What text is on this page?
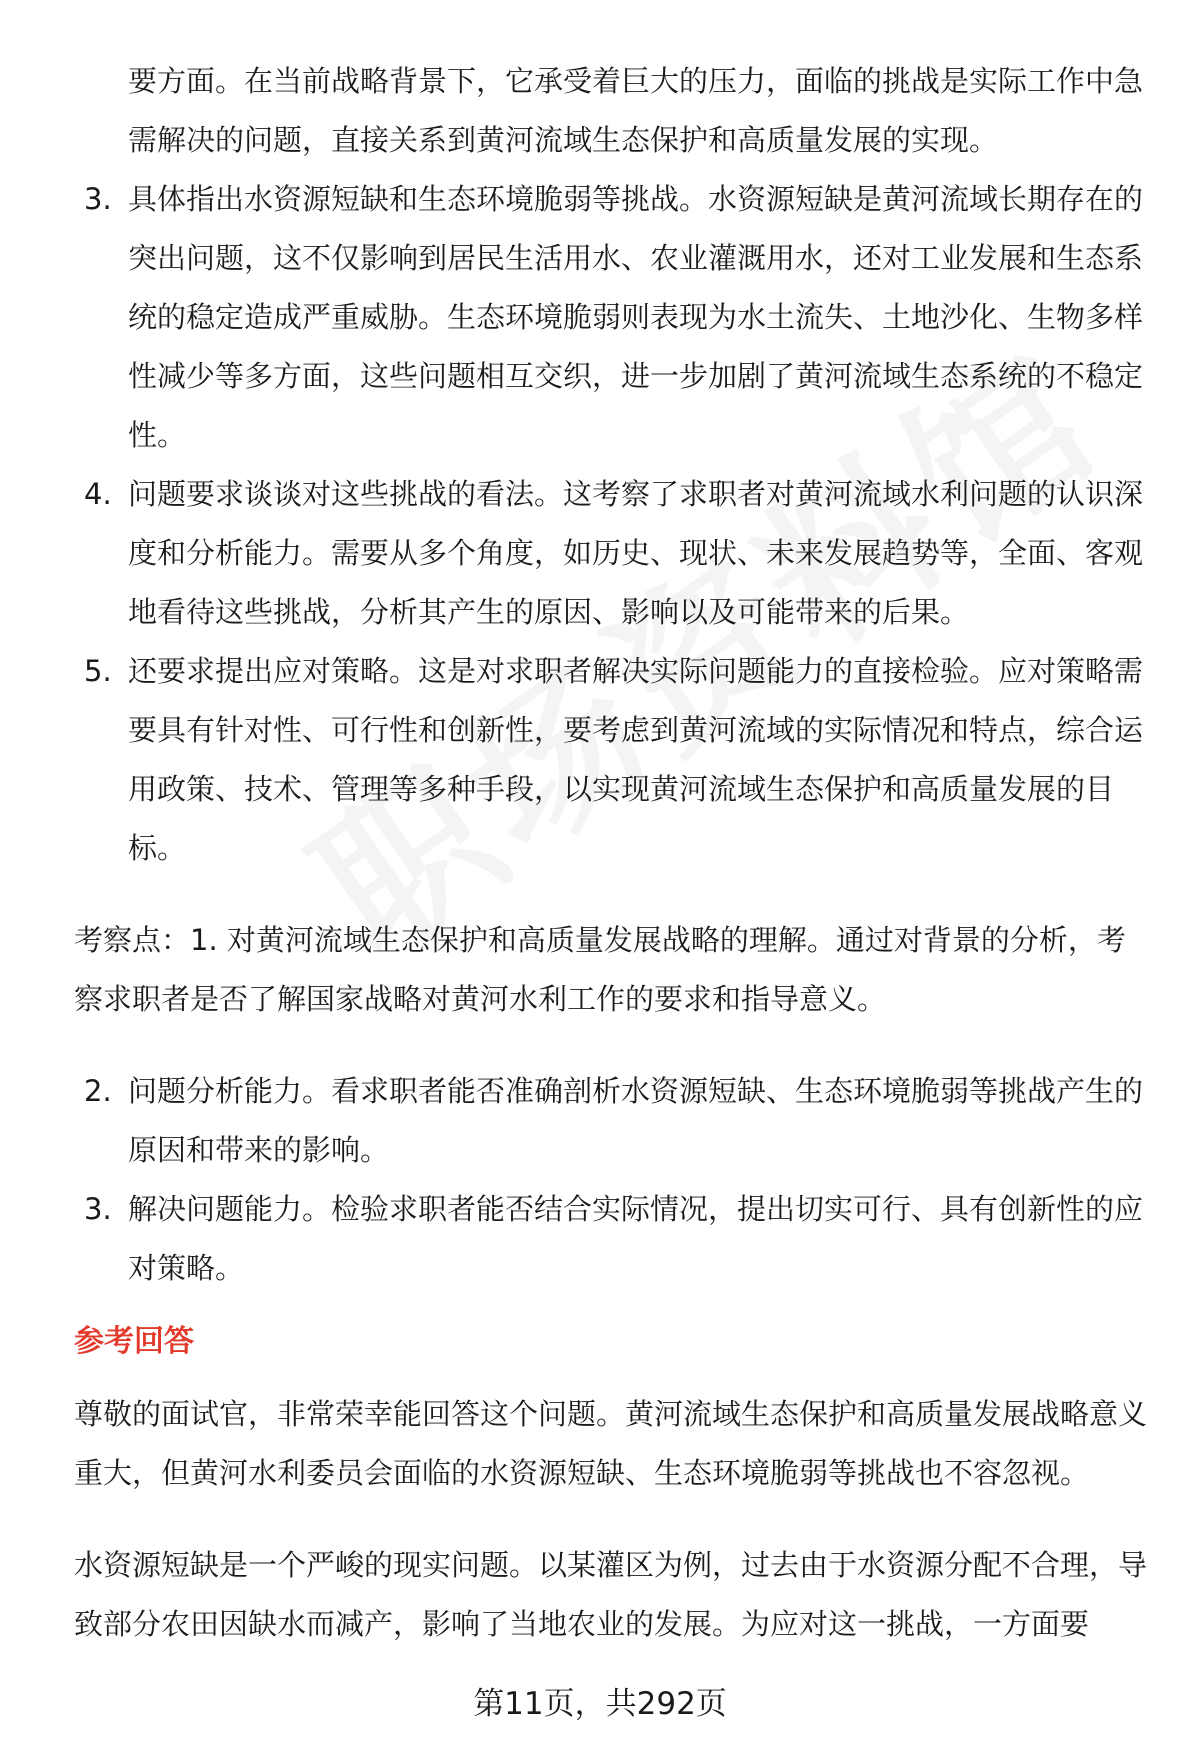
要方面。在当前战略背景下，它承受着巨大的压力，面临的挑战是实际工作中急需解决的问题，直接关系到黄河流域生态保护和高质量发展的实现。
3. 具体指出水资源短缺和生态环境脆弱等挑战。水资源短缺是黄河流域长期存在的突出问题，这不仅影响到居民生活用水、农业灌溉用水，还对工业发展和生态系统的稳定造成严重威胁。生态环境脆弱则表现为水土流失、土地沙化、生物多样性减少等多方面，这些问题相互交织，进一步加剧了黄河流域生态系统的不稳定性。
4. 问题要求谈谈对这些挑战的看法。这考察了求职者对黄河流域水利问题的认识深度和分析能力。需要从多个角度，如历史、现状、未来发展趋势等，全面、客观地看待这些挑战，分析其产生的原因、影响以及可能带来的后果。
5. 还要求提出应对策略。这是对求职者解决实际问题能力的直接检验。应对策略需要具有针对性、可行性和创新性，要考虑到黄河流域的实际情况和特点，综合运用政策、技术、管理等多种手段，以实现黄河流域生态保护和高质量发展的目标。
考察点：1. 对黄河流域生态保护和高质量发展战略的理解。通过对背景的分析，考察求职者是否了解国家战略对黄河水利工作的要求和指导意义。
2. 问题分析能力。看求职者能否准确剖析水资源短缺、生态环境脆弱等挑战产生的原因和带来的影响。
3. 解决问题能力。检验求职者能否结合实际情况，提出切实可行、具有创新性的应对策略。
参考回答
尊敬的面试官，非常荣幸能回答这个问题。黄河流域生态保护和高质量发展战略意义重大，但黄河水利委员会面临的水资源短缺、生态环境脆弱等挑战也不容忽视。
水资源短缺是一个严峻的现实问题。以某灌区为例，过去由于水资源分配不合理，导致部分农田因缺水而减产，影响了当地农业的发展。为应对这一挑战，一方面要
第11页，共292页
